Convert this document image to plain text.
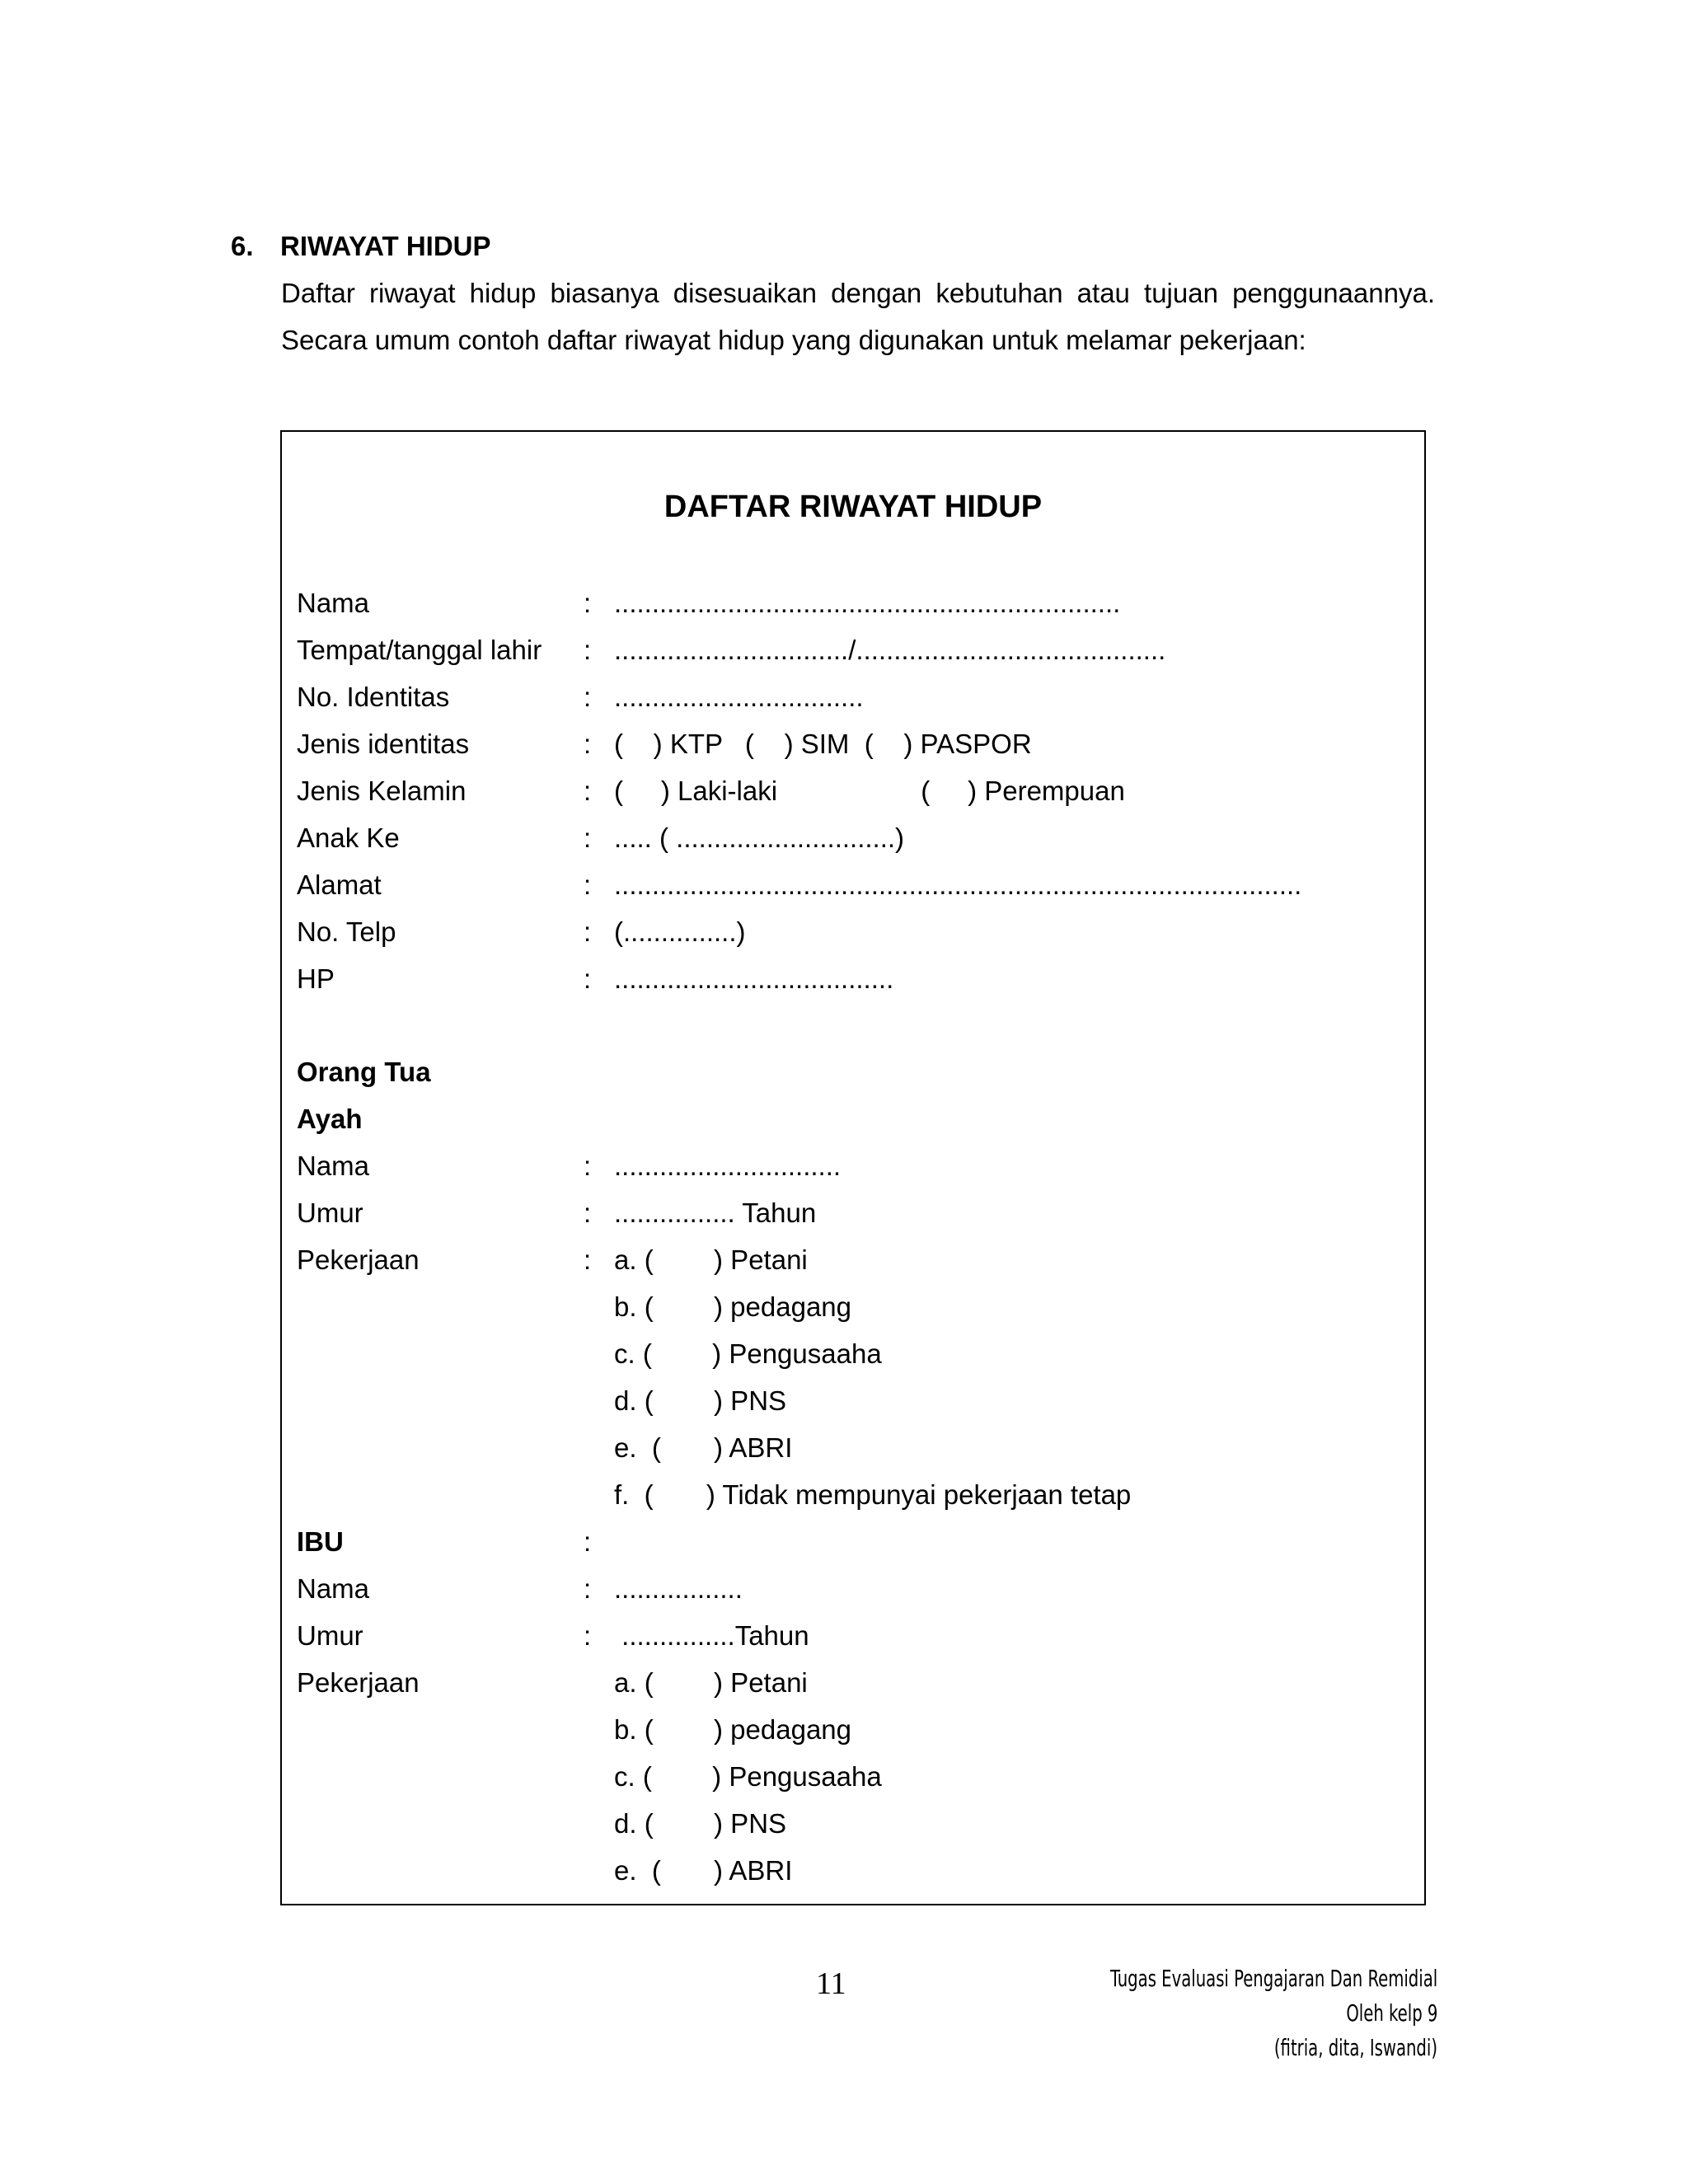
6. RIWAYAT HIDUP
Daftar riwayat hidup biasanya disesuaikan dengan kebutuhan atau tujuan penggunaannya.
Secara umum contoh daftar riwayat hidup yang digunakan untuk melamar pekerjaan:
DAFTAR RIWAYAT HIDUP
Nama	: ...................................................................
Tempat/tanggal lahir : .............................../.........................................
No. Identitas	: .................................
Jenis identitas	: (    ) KTP   (    ) SIM  (    ) PASPOR
Jenis Kelamin	: (     ) Laki-laki                   (     ) Perempuan
Anak Ke	: ..... ( .............................)
Alamat	: ...........................................................................................
No. Telp	: (...............)
HP	: .....................................
Orang Tua
Ayah
Nama	: ..............................
Umur	: ................ Tahun
Pekerjaan	: a. (        ) Petani
b. (        ) pedagang
c. (        ) Pengusaaha
d. (        ) PNS
e.  (       ) ABRI
f.  (       ) Tidak mempunyai pekerjaan tetap
IBU	:
Nama	: .................
Umur	: ...............Tahun
Pekerjaan	a. (        ) Petani
b. (        ) pedagang
c. (        ) Pengusaaha
d. (        ) PNS
e.  (       ) ABRI
11	Tugas Evaluasi Pengajaran Dan Remidial
Oleh kelp 9
(fitria, dita, Iswandi)
